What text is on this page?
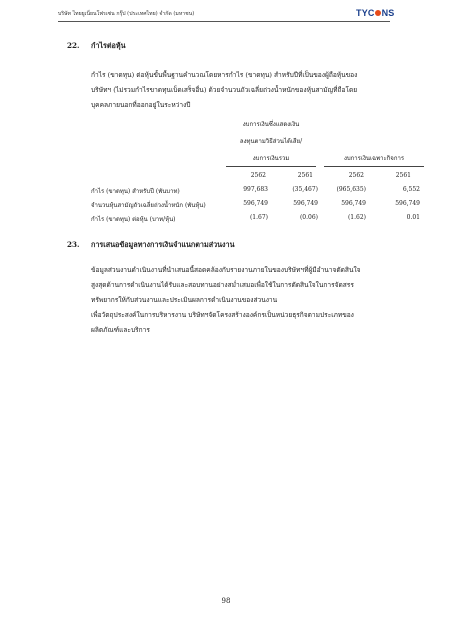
บริษัท ไทยยูเนี่ยนโฟรเซ่น กรุ๊ป (ประเทศไทย) จำกัด (มหาชน)	TYC NS
22. กำไรต่อหุ้น
กำไร (ขาดทุน) ต่อหุ้นขั้นพื้นฐานคำนวณโดยหารกำไร (ขาดทุน) สำหรับปีที่เป็นของผู้ถือหุ้นของ
บริษัทฯ (ไม่รวมกำไรขาดทุนเบ็ดเสร็จอื่น) ด้วยจำนวนถัวเฉลี่ยถ่วงน้ำหนักของหุ้นสามัญที่ถือโดย
บุคคลภายนอกที่ออกอยู่ในระหว่างปี
งบการเงินซึ่งแสดงเงิน
ลงทุนตามวิธีส่วนได้เสีย/
งบการเงินรวม	งบการเงินเฉพาะกิจการ
2562	2561	2562	2561
กำไร (ขาดทุน) สำหรับปี (พันบาท)	997,683	(35,467)	(965,635)	6,552
จำนวนหุ้นสามัญถัวเฉลี่ยถ่วงน้ำหนัก (พันหุ้น)	596,749	596,749	596,749	596,749
กำไร (ขาดทุน) ต่อหุ้น (บาท/หุ้น)	(1.67)	(0.06)	(1.62)	0.01
23. การเสนอข้อมูลทางการเงินจำแนกตามส่วนงาน
ข้อมูลส่วนงานดำเนินงานที่นำเสนอนี้สอดคล้องกับรายงานภายในของบริษัทฯที่ผู้มีอำนาจตัดสินใจ
สูงสุดด้านการดำเนินงานได้รับและสอบทานอย่างสม่ำเสมอเพื่อใช้ในการตัดสินใจในการจัดสรร
ทรัพยากรให้กับส่วนงานและประเมินผลการดำเนินงานของส่วนงาน
เพื่อวัตถุประสงค์ในการบริหารงาน บริษัทฯจัดโครงสร้างองค์กรเป็นหน่วยธุรกิจตามประเภทของ
ผลิตภัณฑ์และบริการ
98
